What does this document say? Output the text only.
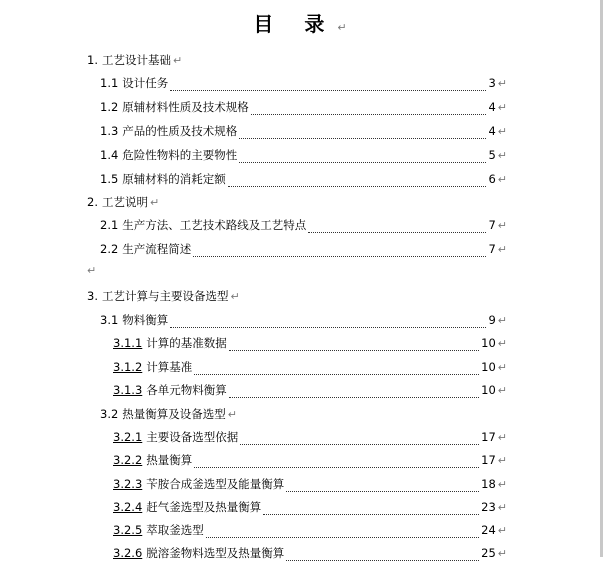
目 录↵
1. 工艺设计基础 ↵
1.1 设计任务	3 ↵
1.2 原辅材料性质及技术规格	4 ↵
1.3 产品的性质及技术规格	4 ↵
1.4 危险性物料的主要物性	5 ↵
1.5 原辅材料的消耗定额	6 ↵
2. 工艺说明 ↵
2.1 生产方法、工艺技术路线及工艺特点	7 ↵
2.2 生产流程简述	7 ↵
3. 工艺计算与主要设备选型 ↵
3.1 物料衡算	9 ↵
3.1.1 计算的基准数据	10 ↵
3.1.2 计算基准	10 ↵
3.1.3 各单元物料衡算	10 ↵
3.2 热量衡算及设备选型 ↵
3.2.1 主要设备选型依据	17 ↵
3.2.2 热量衡算	17 ↵
3.2.3 苄胺合成釜选型及能量衡算	18 ↵
3.2.4 赶气釜选型及热量衡算	23 ↵
3.2.5 萃取釜选型	24 ↵
3.2.6 脱溶釜物料选型及热量衡算	25 ↵
↵
